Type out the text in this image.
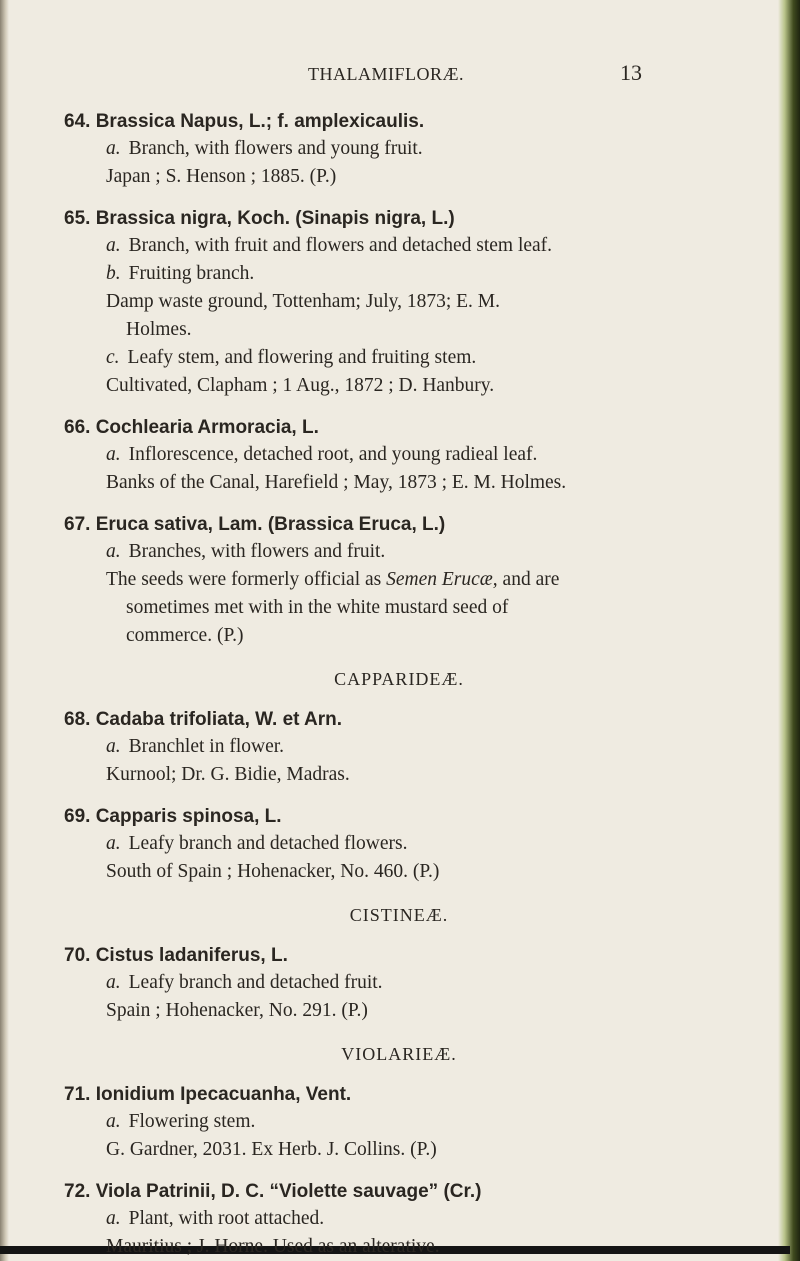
THALAMIFLORÆ.	13
64. Brassica Napus, L.; f. amplexicaulis.
a. Branch, with flowers and young fruit.
Japan ; S. Henson ; 1885. (P.)
65. Brassica nigra, Koch. (Sinapis nigra, L.)
a. Branch, with fruit and flowers and detached stem leaf.
b. Fruiting branch.
Damp waste ground, Tottenham; July, 1873; E. M.
Holmes.
c. Leafy stem, and flowering and fruiting stem.
Cultivated, Clapham ; 1 Aug., 1872 ; D. Hanbury.
66. Cochlearia Armoracia, L.
a. Inflorescence, detached root, and young radieal leaf.
Banks of the Canal, Harefield ; May, 1873 ; E. M. Holmes.
67. Eruca sativa, Lam. (Brassica Eruca, L.)
a. Branches, with flowers and fruit.
The seeds were formerly official as Semen Erucæ, and are
sometimes met with in the white mustard seed of
commerce. (P.)
CAPPARIDEÆ.
68. Cadaba trifoliata, W. et Arn.
a. Branchlet in flower.
Kurnool; Dr. G. Bidie, Madras.
69. Capparis spinosa, L.
a. Leafy branch and detached flowers.
South of Spain ; Hohenacker, No. 460. (P.)
CISTINEÆ.
70. Cistus ladaniferus, L.
a. Leafy branch and detached fruit.
Spain ; Hohenacker, No. 291. (P.)
VIOLARIEÆ.
71. Ionidium Ipecacuanha, Vent.
a. Flowering stem.
G. Gardner, 2031. Ex Herb. J. Collins. (P.)
72. Viola Patrinii, D. C. “Violette sauvage” (Cr.)
a. Plant, with root attached.
Mauritius ; J. Horne. Used as an alterative.
